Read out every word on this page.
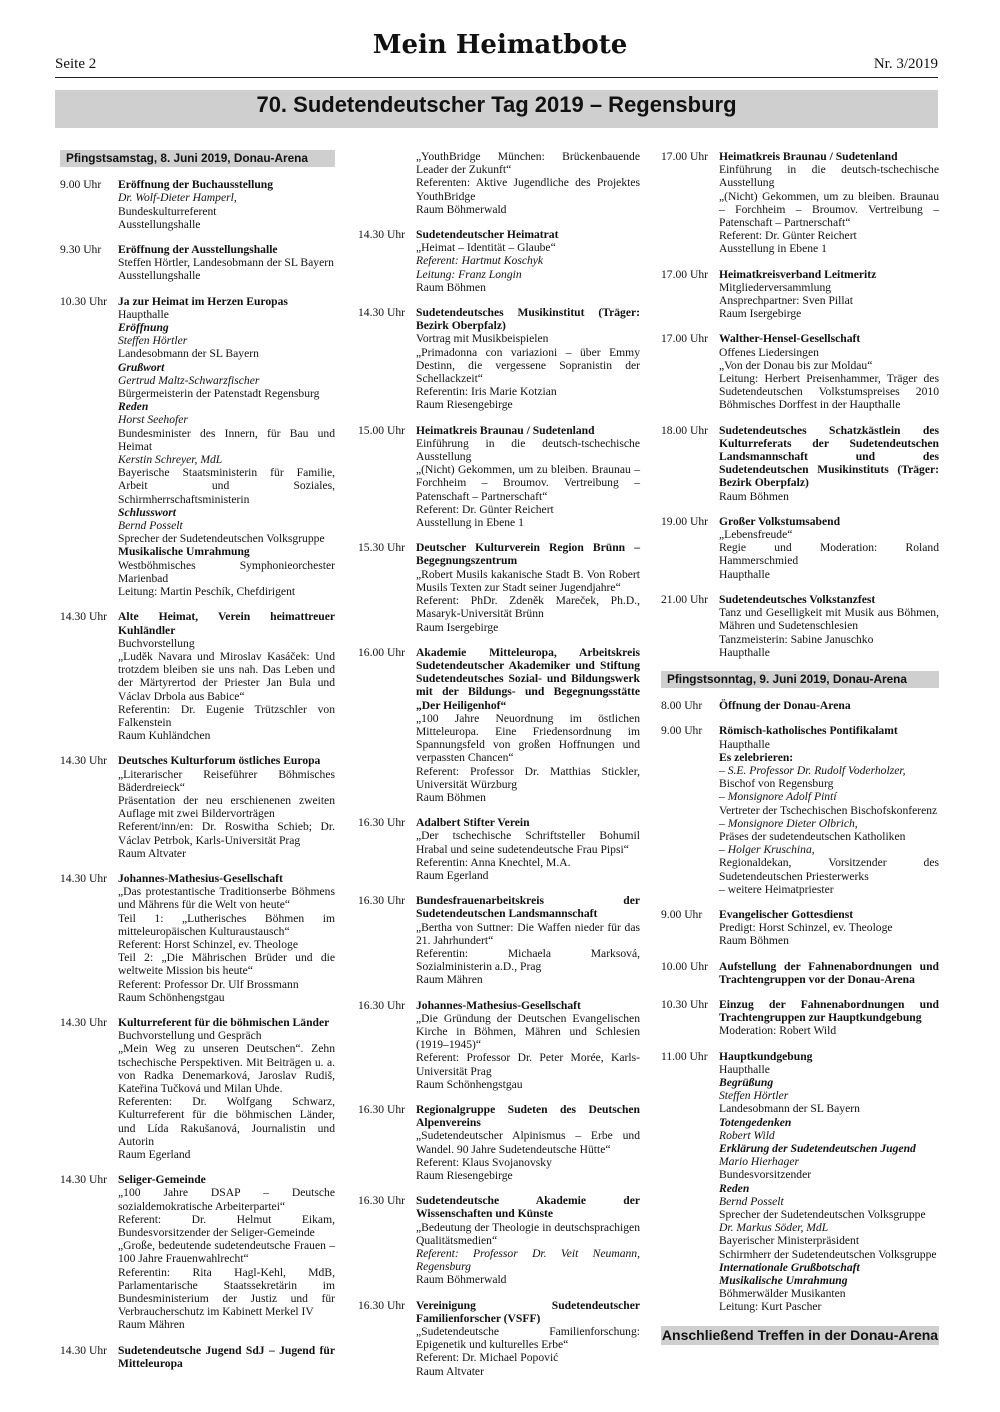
Seite 2
Mein Heimatbote
Nr. 3/2019
70. Sudetendeutscher Tag 2019 – Regensburg
Pfingstsamstag, 8. Juni 2019, Donau-Arena
9.00 Uhr	Eröffnung der Buchausstellung
Dr. Wolf-Dieter Hamperl,
Bundeskulturreferent
Ausstellungshalle
9.30 Uhr	Eröffnung der Ausstellungshalle
Steffen Hörtler, Landesobmann der SL Bayern
Ausstellungshalle
10.30 Uhr Ja zur Heimat im Herzen Europas
Haupthalle
Eröffnung
Steffen Hörtler
Landesobmann der SL Bayern
Grußwort
Gertrud Maltz-Schwarzfischer
Bürgermeisterin der Patenstadt Regensburg
Reden
Horst Seehofer
Bundesminister des Innern, für Bau und Heimat
Kerstin Schreyer, MdL
Bayerische Staatsministerin für Familie, Arbeit und Soziales, Schirmherrschaftsministerin
Schlusswort
Bernd Posselt
Sprecher der Sudetendeutschen Volksgruppe
Musikalische Umrahmung
Westböhmisches Symphonieorchester Marienbad
Leitung: Martin Peschík, Chefdirigent
14.30 Uhr Alte Heimat, Verein heimattreuer Kuhländler
Buchvorstellung
„Luděk Navara und Miroslav Kasáček: Und trotzdem bleiben sie uns nah. Das Leben und der Märtyrertod der Priester Jan Bula und Václav Drbola aus Babice“
Referentin: Dr. Eugenie Trützschler von Falkenstein
Raum Kuhländchen
14.30 Uhr Deutsches Kulturforum östliches Europa
„Literarischer Reiseführer Böhmisches Bäderdreieck“
Präsentation der neu erschienenen zweiten Auflage mit zwei Bildervorträgen
Referent/inn/en: Dr. Roswitha Schieb; Dr. Václav Petrbok, Karls-Universität Prag
Raum Altvater
14.30 Uhr Johannes-Mathesius-Gesellschaft
„Das protestantische Traditionserbe Böhmens und Mährens für die Welt von heute“
Teil 1: „Lutherisches Böhmen im mitteleuropäischen Kulturaustausch“
Referent: Horst Schinzel, ev. Theologe
Teil 2: „Die Mährischen Brüder und die weltweite Mission bis heute“
Referent: Professor Dr. Ulf Brossmann
Raum Schönhengstgau
14.30 Uhr Kulturreferent für die böhmischen Länder
Buchvorstellung und Gespräch
„Mein Weg zu unseren Deutschen“. Zehn tschechische Perspektiven. Mit Beiträgen u. a. von Radka Denemarková, Jaroslav Rudiš, Kateřina Tučková und Milan Uhde.
Referenten: Dr. Wolfgang Schwarz, Kulturreferent für die böhmischen Länder, und Lída Rakušanová, Journalistin und Autorin
Raum Egerland
14.30 Uhr Seliger-Gemeinde
„100 Jahre DSAP – Deutsche sozialdemokratische Arbeiterpartei“
Referent: Dr. Helmut Eikam, Bundesvorsitzender der Seliger-Gemeinde
„Große, bedeutende sudetendeutsche Frauen – 100 Jahre Frauenwahlrecht“
Referentin: Rita Hagl-Kehl, MdB, Parlamentarische Staatssekretärin im Bundesministerium der Justiz und für Verbraucherschutz im Kabinett Merkel IV
Raum Mähren
14.30 Uhr Sudetendeutsche Jugend SdJ – Jugend für Mitteleuropa
„YouthBridge München: Brückenbauende Leader der Zukunft“
Referenten: Aktive Jugendliche des Projektes YouthBridge
Raum Böhmerwald
14.30 Uhr Sudetendeutscher Heimatrat
„Heimat – Identität – Glaube“
Referent: Hartmut Koschyk
Leitung: Franz Longin
Raum Böhmen
14.30 Uhr Sudetendeutsches Musikinstitut (Träger: Bezirk Oberpfalz)
Vortrag mit Musikbeispielen
„Primadonna con variazioni – über Emmy Destinn, die vergessene Sopranistin der Schellackzeit“
Referentin: Iris Marie Kotzian
Raum Riesengebirge
15.00 Uhr Heimatkreis Braunau / Sudetenland
Einführung in die deutsch-tschechische Ausstellung
„(Nicht) Gekommen, um zu bleiben. Braunau – Forchheim – Broumov. Vertreibung – Patenschaft – Partnerschaft“
Referent: Dr. Günter Reichert
Ausstellung in Ebene 1
15.30 Uhr Deutscher Kulturverein Region Brünn – Begegnungszentrum
„Robert Musils kakanische Stadt B. Von Robert Musils Texten zur Stadt seiner Jugendjahre“
Referent: PhDr. Zdeněk Mareček, Ph.D., Masaryk-Universität Brünn
Raum Isergebirge
16.00 Uhr Akademie Mitteleuropa, Arbeitskreis Sudetendeutscher Akademiker und Stiftung Sudetendeutsches Sozial- und Bildungswerk mit der Bildungs- und Begegnungsstätte „Der Heiligenhof“
„100 Jahre Neuordnung im östlichen Mitteleuropa. Eine Friedensordnung im Spannungsfeld von großen Hoffnungen und verpassten Chancen“
Referent: Professor Dr. Matthias Stickler, Universität Würzburg
Raum Böhmen
16.30 Uhr Adalbert Stifter Verein
„Der tschechische Schriftsteller Bohumil Hrabal und seine sudetendeutsche Frau Pipsi“
Referentin: Anna Knechtel, M.A.
Raum Egerland
16.30 Uhr Bundesfrauenarbeitskreis der Sudetendeutschen Landsmannschaft
„Bertha von Suttner: Die Waffen nieder für das 21. Jahrhundert“
Referentin: Michaela Marksová, Sozialministerin a.D., Prag
Raum Mähren
16.30 Uhr Johannes-Mathesius-Gesellschaft
„Die Gründung der Deutschen Evangelischen Kirche in Böhmen, Mähren und Schlesien (1919–1945)“
Referent: Professor Dr. Peter Morée, Karls-Universität Prag
Raum Schönhengstgau
16.30 Uhr Regionalgruppe Sudeten des Deutschen Alpenvereins
„Sudetendeutscher Alpinismus – Erbe und Wandel. 90 Jahre Sudetendeutsche Hütte“
Referent: Klaus Svojanovsky
Raum Riesengebirge
16.30 Uhr Sudetendeutsche Akademie der Wissenschaften und Künste
„Bedeutung der Theologie in deutschsprachigen Qualitätsmedien“
Referent: Professor Dr. Veit Neumann, Regensburg
Raum Böhmerwald
16.30 Uhr Vereinigung Sudetendeutscher Familienforscher (VSFF)
„Sudetendeutsche Familienforschung: Epigenetik und kulturelles Erbe“
Referent: Dr. Michael Popović
Raum Altvater
17.00 Uhr Heimatkreis Braunau / Sudetenland
Einführung in die deutsch-tschechische Ausstellung
„(Nicht) Gekommen, um zu bleiben. Braunau – Forchheim – Broumov. Vertreibung – Patenschaft – Partnerschaft“
Referent: Dr. Günter Reichert
Ausstellung in Ebene 1
17.00 Uhr Heimatkreisverband Leitmeritz
Mitgliederversammlung
Ansprechpartner: Sven Pillat
Raum Isergebirge
17.00 Uhr Walther-Hensel-Gesellschaft
Offenes Liedersingen
„Von der Donau bis zur Moldau“
Leitung: Herbert Preisenhammer, Träger des Sudetendeutschen Volkstumspreises 2010 Böhmisches Dorffest in der Haupthalle
18.00 Uhr Sudetendeutsches Schatzkästlein des Kulturreferats der Sudetendeutschen Landsmannschaft und des Sudetendeutschen Musikinstituts (Träger: Bezirk Oberpfalz)
Raum Böhmen
19.00 Uhr Großer Volkstumsabend
„Lebensfreude“
Regie und Moderation: Roland Hammerschmied
Haupthalle
21.00 Uhr Sudetendeutsches Volkstanzfest
Tanz und Geselligkeit mit Musik aus Böhmen, Mähren und Sudetenschlesien
Tanzmeisterin: Sabine Januschko
Haupthalle
Pfingstsonntag, 9. Juni 2019, Donau-Arena
8.00 Uhr	Öffnung der Donau-Arena
9.00 Uhr	Römisch-katholisches Pontifikalamt
Haupthalle
Es zelebrieren:
– S.E. Professor Dr. Rudolf Voderholzer,
Bischof von Regensburg
– Monsignore Adolf Pintí
Vertreter der Tschechischen Bischofskonferenz
– Monsignore Dieter Olbrich,
Präses der sudetendeutschen Katholiken
– Holger Kruschina,
Regionaldekan, Vorsitzender des Sudetendeutschen Priesterwerks
– weitere Heimatpriester
9.00 Uhr	Evangelischer Gottesdienst
Predigt: Horst Schinzel, ev. Theologe
Raum Böhmen
10.00 Uhr Aufstellung der Fahnenabordnungen und Trachtengruppen vor der Donau-Arena
10.30 Uhr Einzug der Fahnenabordnungen und Trachtengruppen zur Hauptkundgebung
Moderation: Robert Wild
11.00 Uhr Hauptkundgebung
Haupthalle
Begrüßung
Steffen Hörtler
Landesobmann der SL Bayern
Totengedenken
Robert Wild
Erklärung der Sudetendeutschen Jugend
Mario Hierhager
Bundesvorsitzender
Reden
Bernd Posselt
Sprecher der Sudetendeutschen Volksgruppe
Dr. Markus Söder, MdL
Bayerischer Ministerpräsident
Schirmherr der Sudetendeutschen Volksgruppe
Internationale Grußbotschaft
Musikalische Umrahmung
Böhmerwälder Musikanten
Leitung: Kurt Pascher
Anschließend Treffen in der Donau-Arena
